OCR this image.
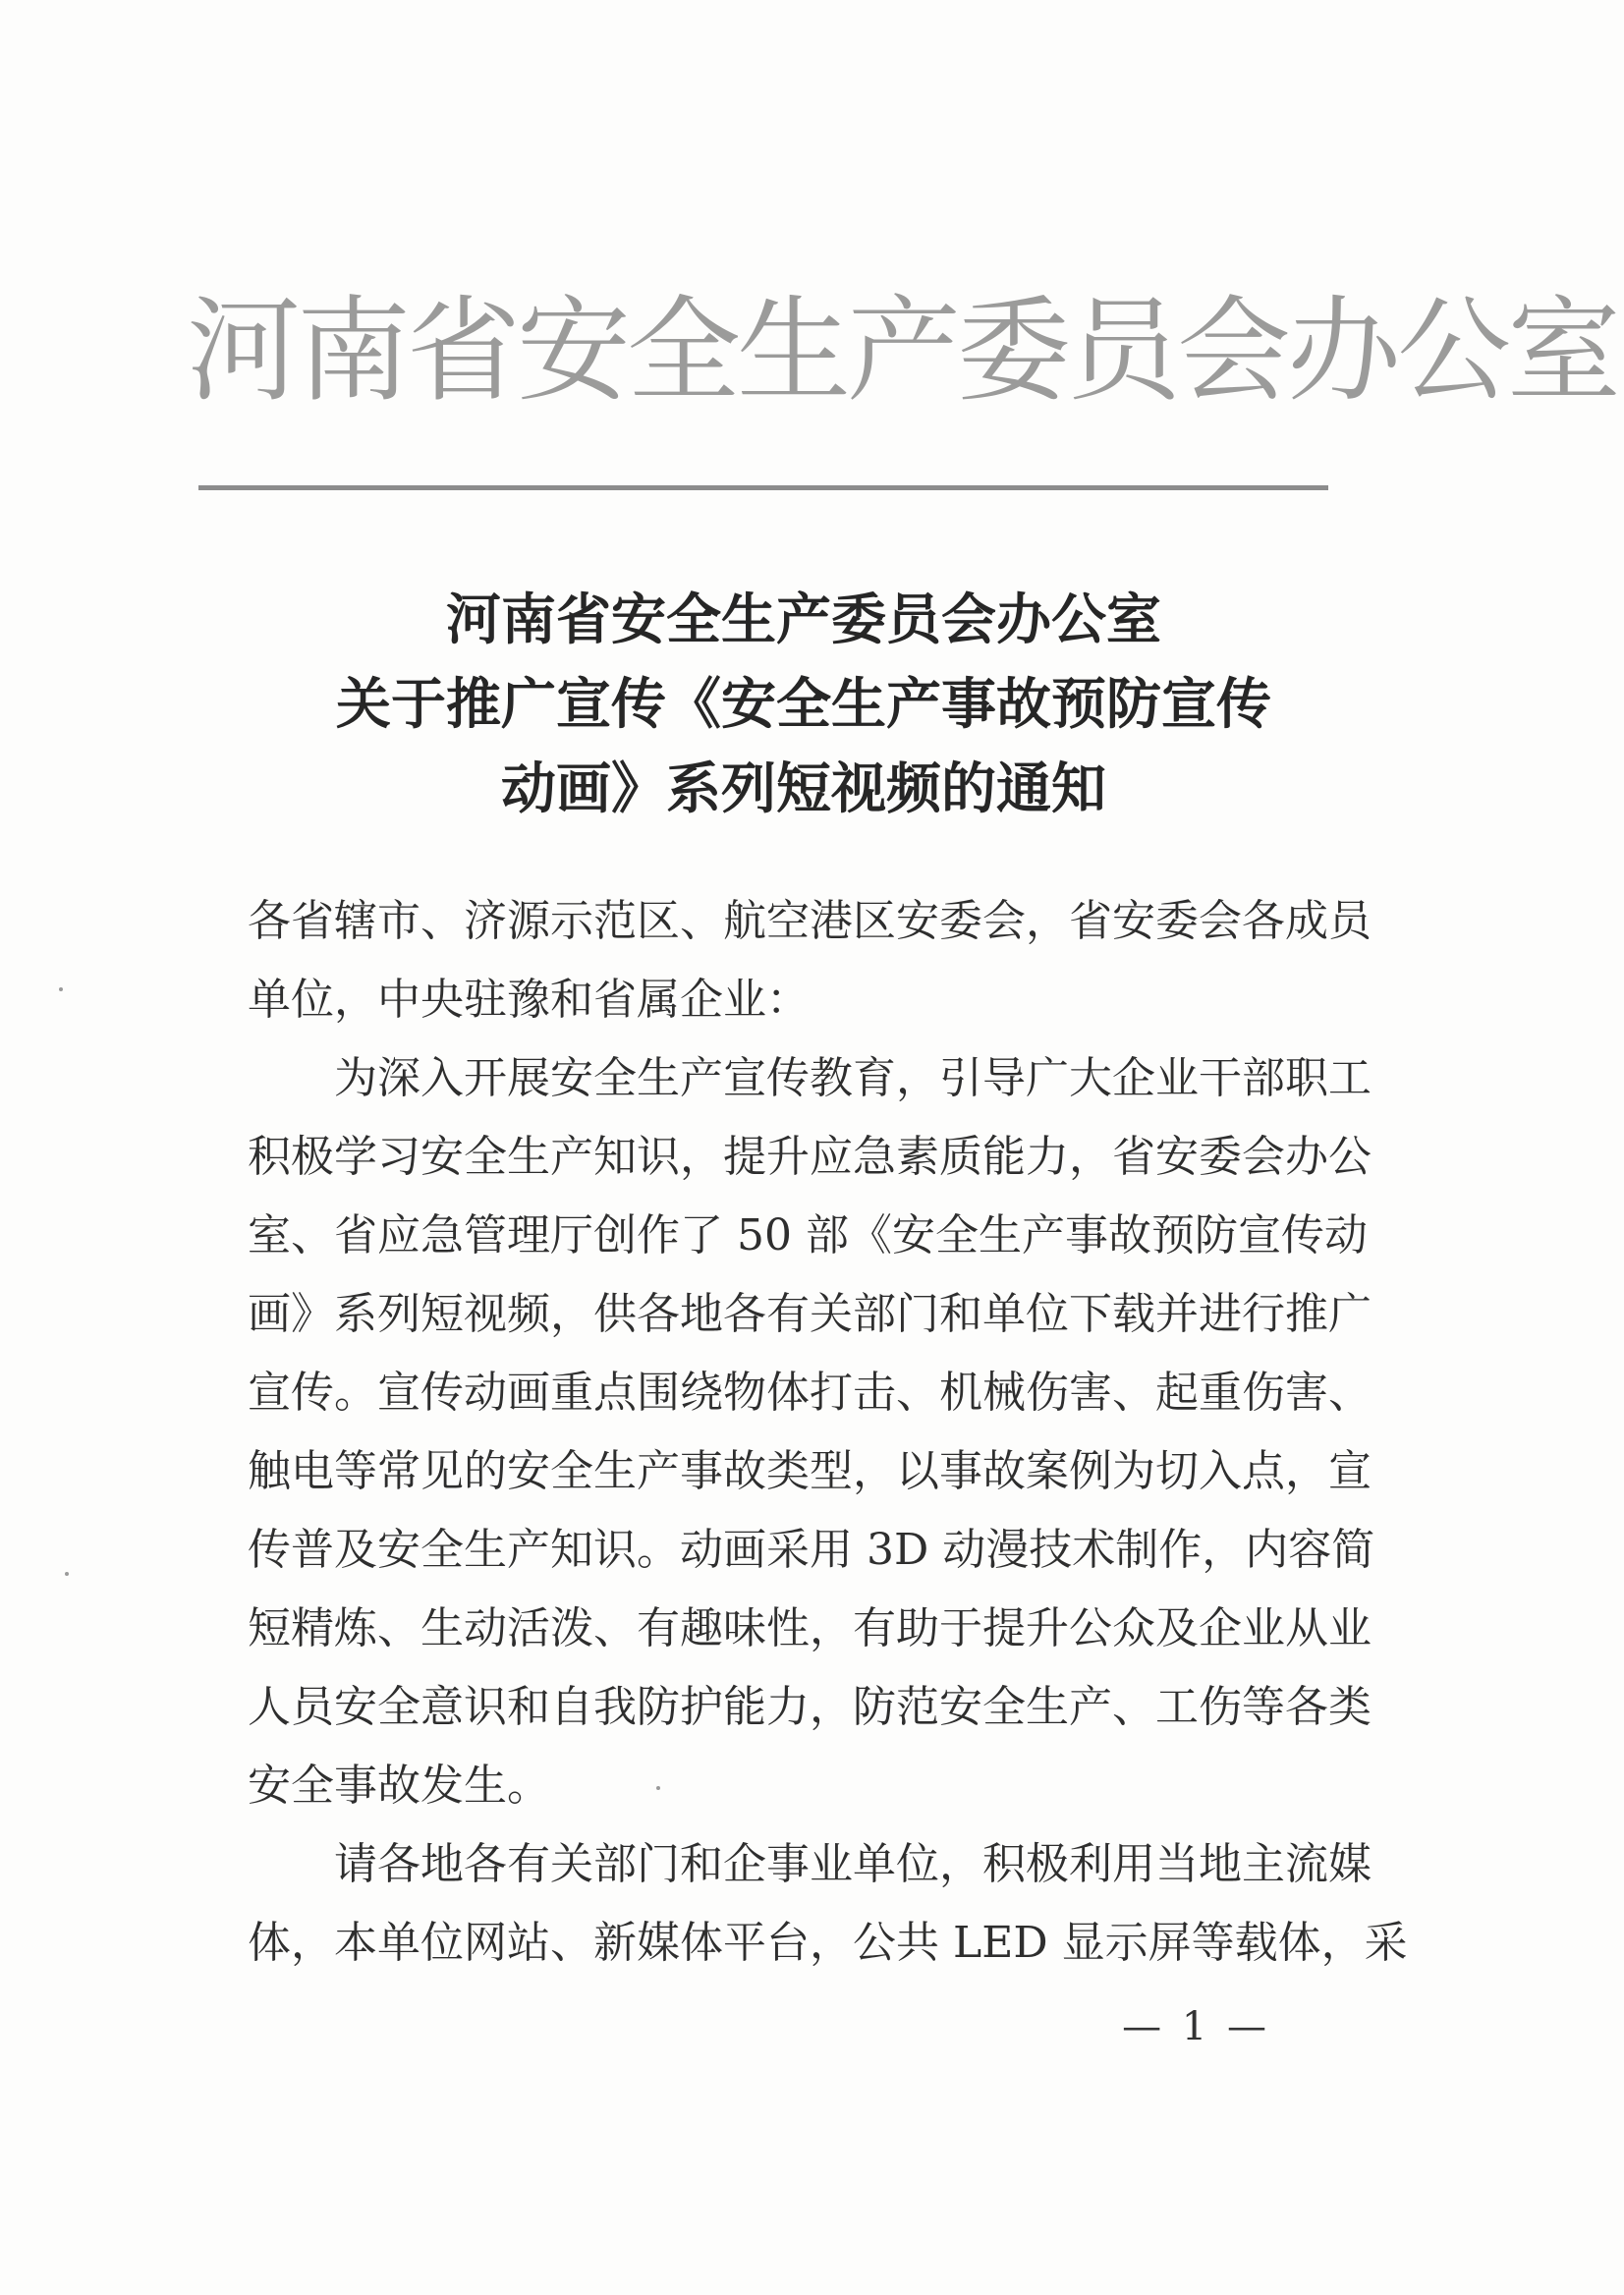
河南省安全生产委员会办公室
河南省安全生产委员会办公室
关于推广宣传《安全生产事故预防宣传
动画》系列短视频的通知
各省辖市、济源示范区、航空港区安委会，省安委会各成员
单位，中央驻豫和省属企业：
为深入开展安全生产宣传教育，引导广大企业干部职工
积极学习安全生产知识，提升应急素质能力，省安委会办公
室、省应急管理厅创作了 50 部《安全生产事故预防宣传动
画》系列短视频，供各地各有关部门和单位下载并进行推广
宣传。宣传动画重点围绕物体打击、机械伤害、起重伤害、
触电等常见的安全生产事故类型，以事故案例为切入点，宣
传普及安全生产知识。动画采用 3D 动漫技术制作，内容简
短精炼、生动活泼、有趣味性，有助于提升公众及企业从业
人员安全意识和自我防护能力，防范安全生产、工伤等各类
安全事故发生。
请各地各有关部门和企事业单位，积极利用当地主流媒
体，本单位网站、新媒体平台，公共 LED 显示屏等载体，采
— 1 —
